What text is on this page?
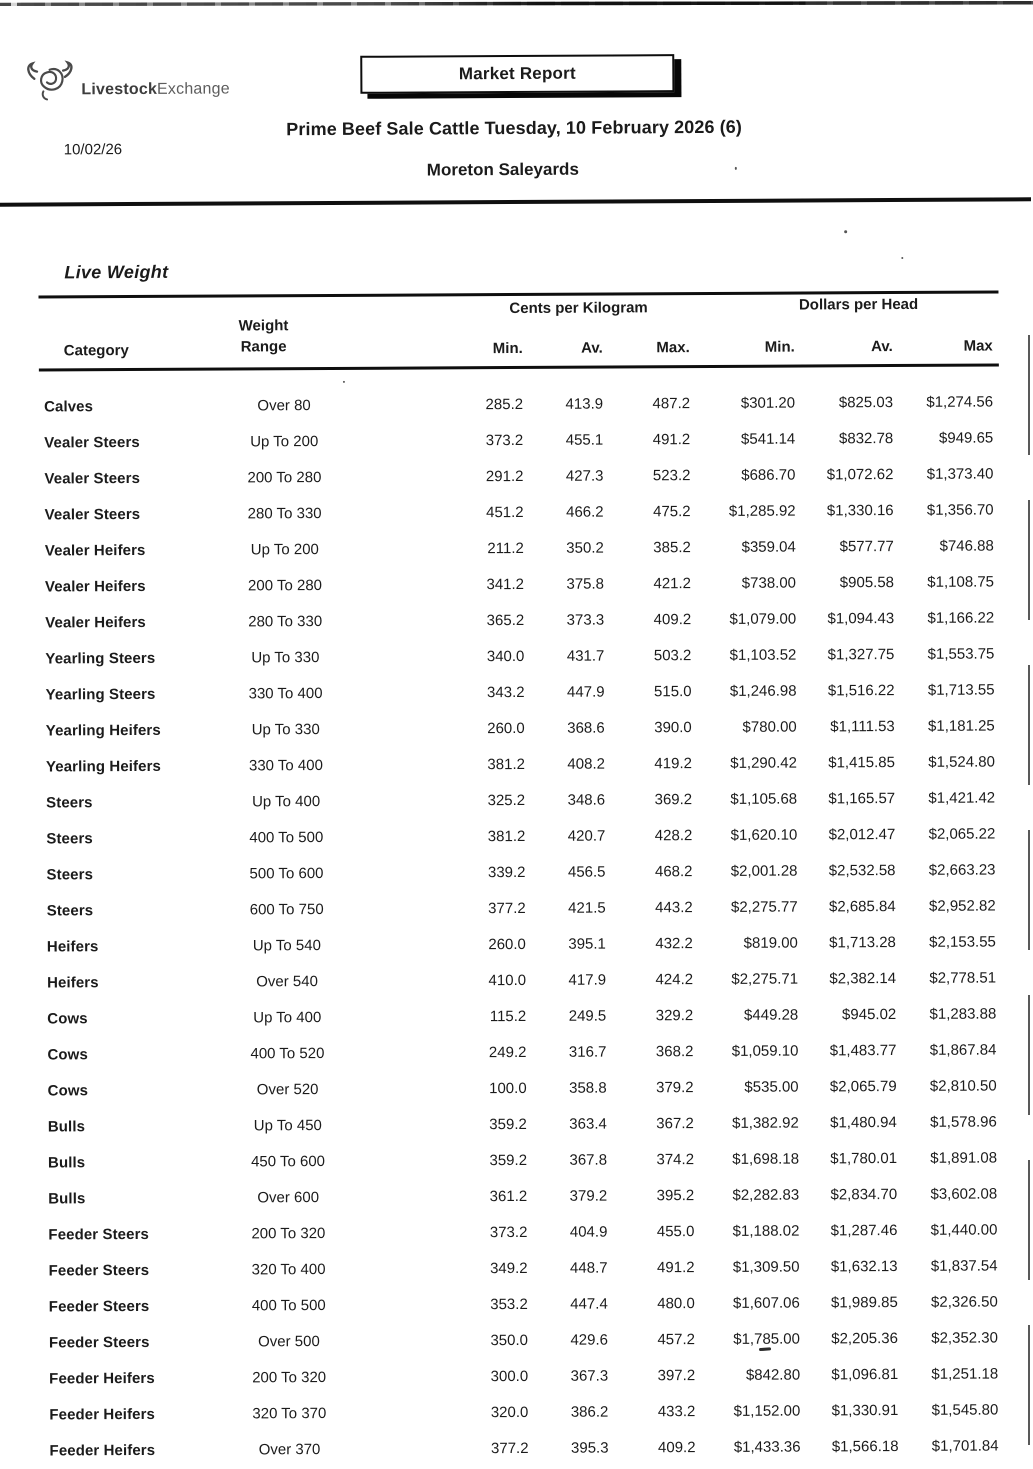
LivestockExchange
Market Report
10/02/26
Prime Beef Sale Cattle Tuesday, 10 February 2026 (6)
Moreton Saleyards
Live Weight
Category
Weight
Range
Cents per Kilogram	Dollars per Head
Min.	Av.	Max.	Min.	Av.	Max
Calves	Over 80	285.2	413.9	487.2	$301.20	$825.03	$1,274.56
Vealer Steers	Up To 200	373.2	455.1	491.2	$541.14	$832.78	$949.65
Vealer Steers	200 To 280	291.2	427.3	523.2	$686.70	$1,072.62	$1,373.40
Vealer Steers	280 To 330	451.2	466.2	475.2	$1,285.92	$1,330.16	$1,356.70
Vealer Heifers	Up To 200	211.2	350.2	385.2	$359.04	$577.77	$746.88
Vealer Heifers	200 To 280	341.2	375.8	421.2	$738.00	$905.58	$1,108.75
Vealer Heifers	280 To 330	365.2	373.3	409.2	$1,079.00	$1,094.43	$1,166.22
Yearling Steers	Up To 330	340.0	431.7	503.2	$1,103.52	$1,327.75	$1,553.75
Yearling Steers	330 To 400	343.2	447.9	515.0	$1,246.98	$1,516.22	$1,713.55
Yearling Heifers	Up To 330	260.0	368.6	390.0	$780.00	$1,111.53	$1,181.25
Yearling Heifers	330 To 400	381.2	408.2	419.2	$1,290.42	$1,415.85	$1,524.80
Steers	Up To 400	325.2	348.6	369.2	$1,105.68	$1,165.57	$1,421.42
Steers	400 To 500	381.2	420.7	428.2	$1,620.10	$2,012.47	$2,065.22
Steers	500 To 600	339.2	456.5	468.2	$2,001.28	$2,532.58	$2,663.23
Steers	600 To 750	377.2	421.5	443.2	$2,275.77	$2,685.84	$2,952.82
Heifers	Up To 540	260.0	395.1	432.2	$819.00	$1,713.28	$2,153.55
Heifers	Over 540	410.0	417.9	424.2	$2,275.71	$2,382.14	$2,778.51
Cows	Up To 400	115.2	249.5	329.2	$449.28	$945.02	$1,283.88
Cows	400 To 520	249.2	316.7	368.2	$1,059.10	$1,483.77	$1,867.84
Cows	Over 520	100.0	358.8	379.2	$535.00	$2,065.79	$2,810.50
Bulls	Up To 450	359.2	363.4	367.2	$1,382.92	$1,480.94	$1,578.96
Bulls	450 To 600	359.2	367.8	374.2	$1,698.18	$1,780.01	$1,891.08
Bulls	Over 600	361.2	379.2	395.2	$2,282.83	$2,834.70	$3,602.08
Feeder Steers	200 To 320	373.2	404.9	455.0	$1,188.02	$1,287.46	$1,440.00
Feeder Steers	320 To 400	349.2	448.7	491.2	$1,309.50	$1,632.13	$1,837.54
Feeder Steers	400 To 500	353.2	447.4	480.0	$1,607.06	$1,989.85	$2,326.50
Feeder Steers	Over 500	350.0	429.6	457.2	$1,785.00	$2,205.36	$2,352.30
Feeder Heifers	200 To 320	300.0	367.3	397.2	$842.80	$1,096.81	$1,251.18
Feeder Heifers	320 To 370	320.0	386.2	433.2	$1,152.00	$1,330.91	$1,545.80
Feeder Heifers	Over 370	377.2	395.3	409.2	$1,433.36	$1,566.18	$1,701.84
